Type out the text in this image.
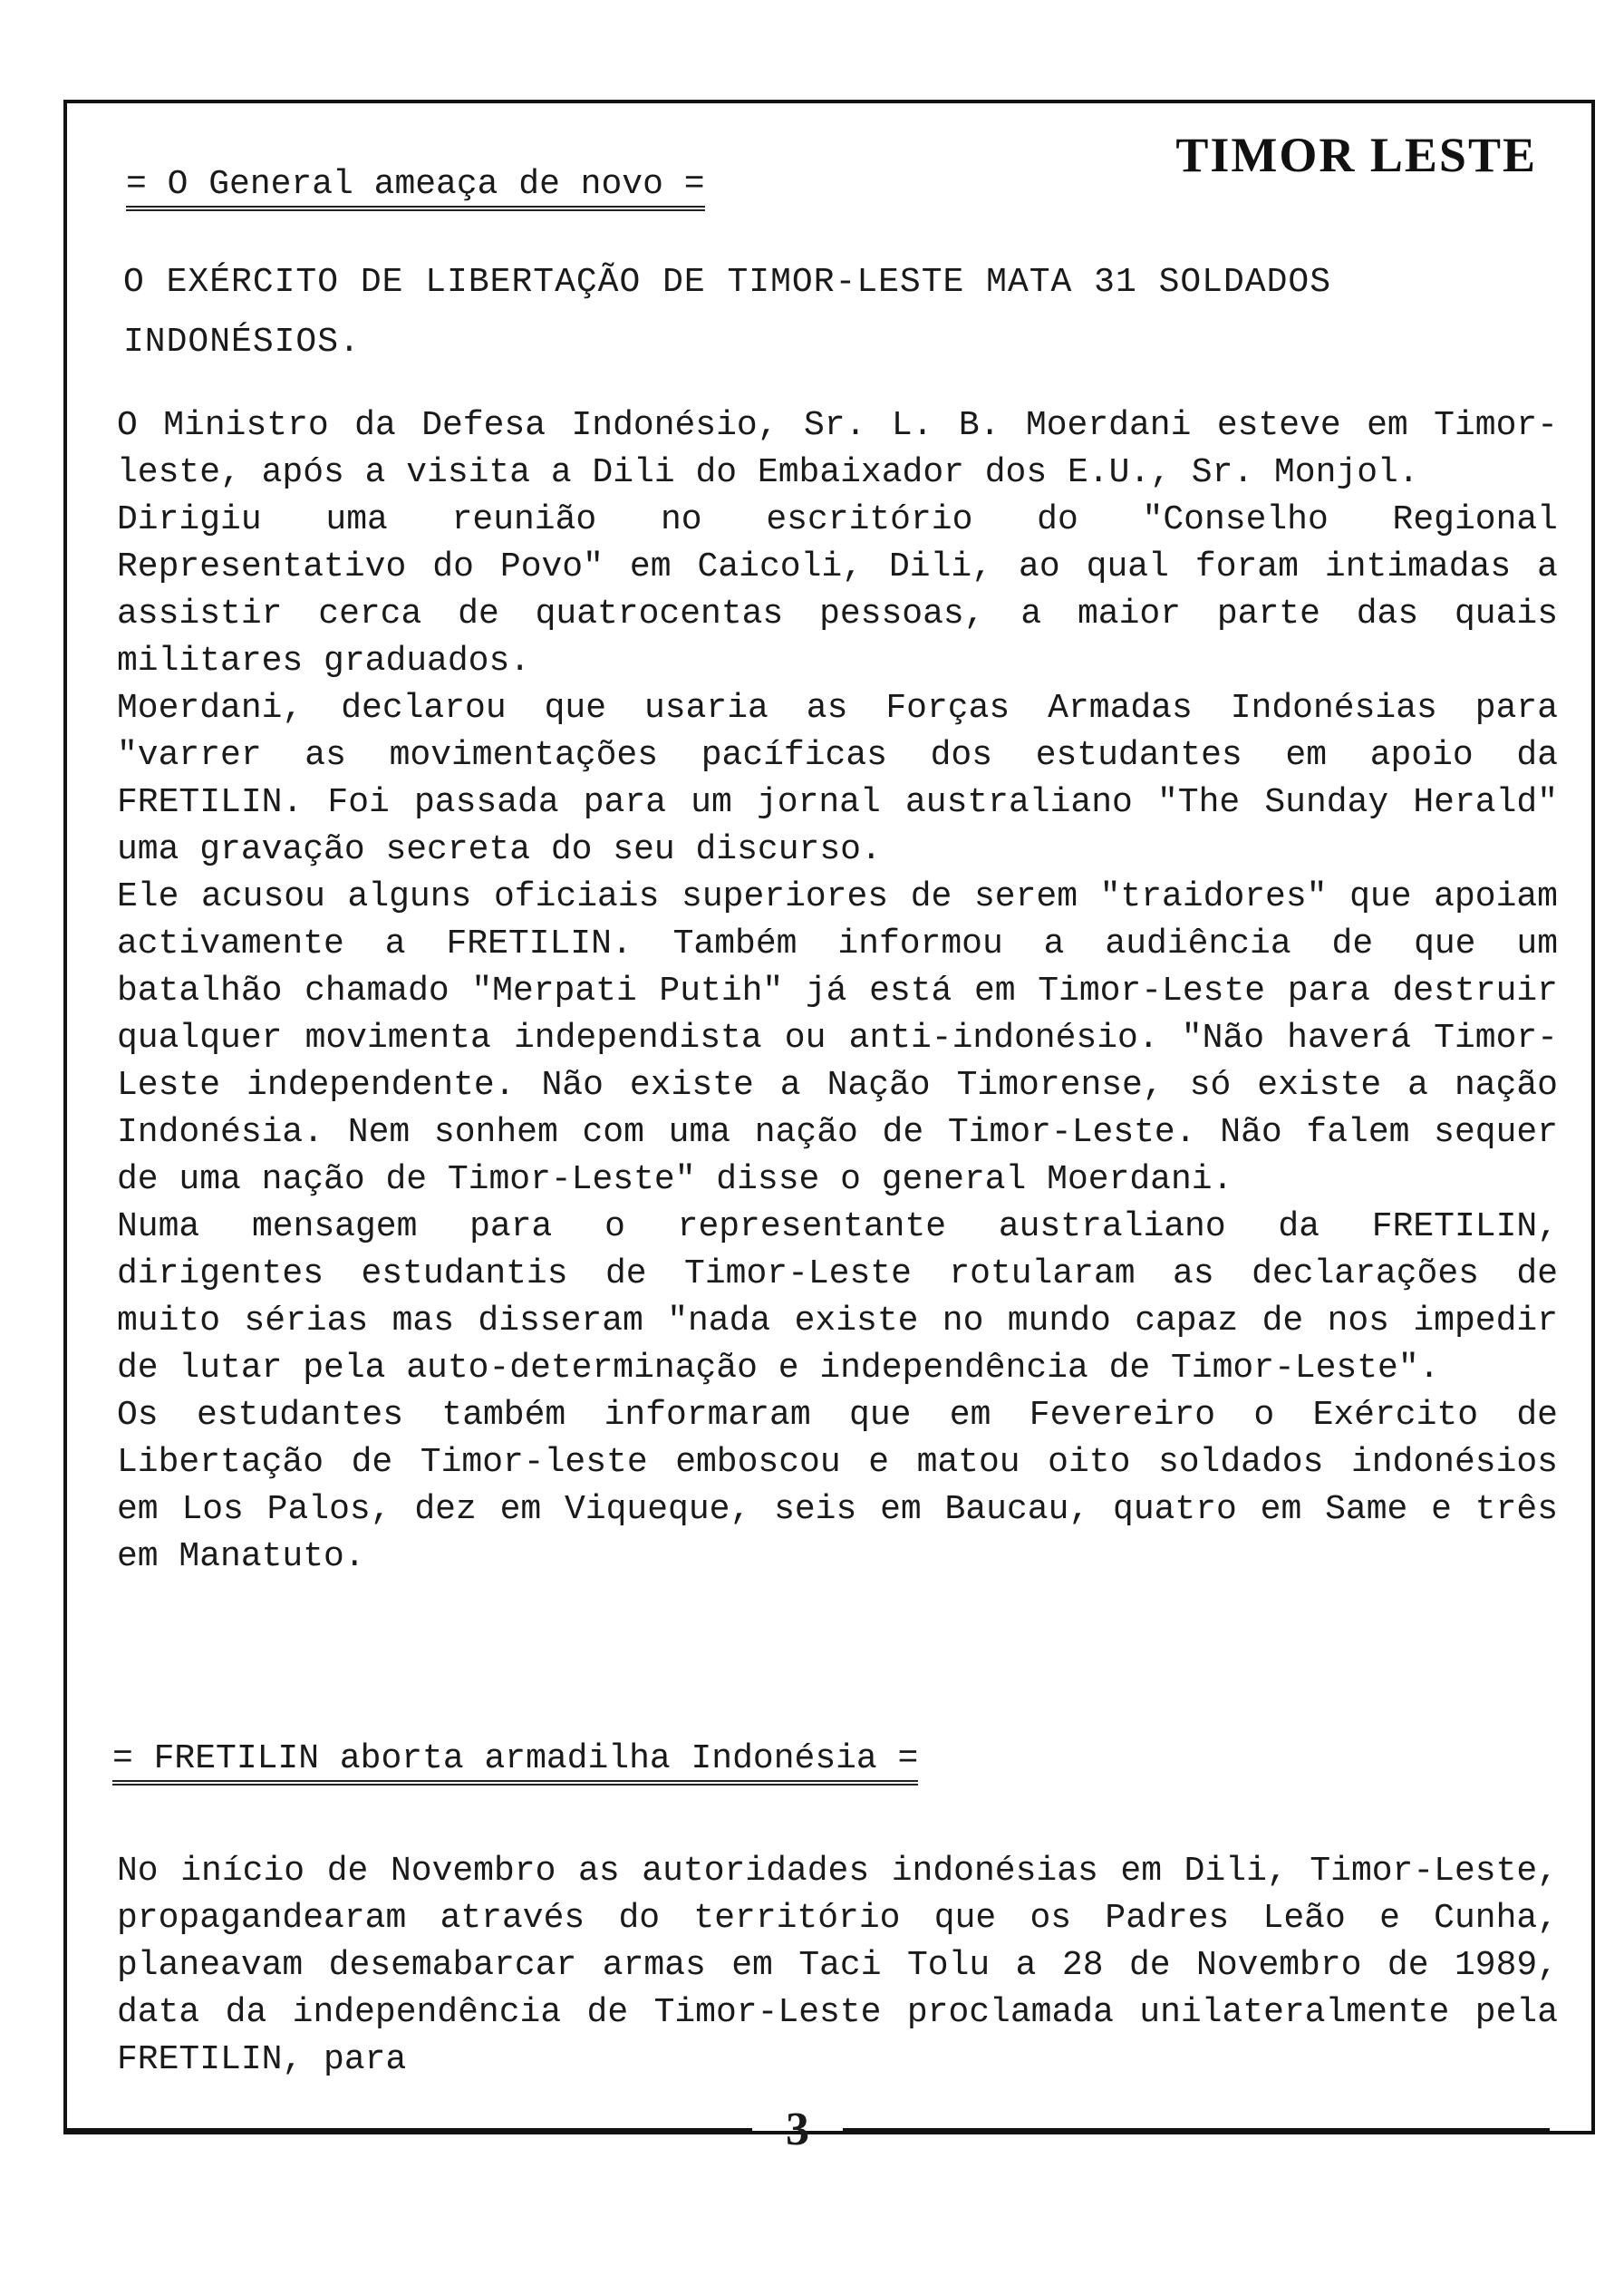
TIMOR LESTE
= O General ameaça de novo =
O EXÉRCITO DE LIBERTAÇÃO DE TIMOR-LESTE MATA 31 SOLDADOS INDONÉSIOS.

O Ministro da Defesa Indonésio, Sr. L. B. Moerdani esteve em Timor-leste, após a visita a Dili do Embaixador dos E.U., Sr. Monjol.

Dirigiu uma reunião no escritório do "Conselho Regional Representativo do Povo" em Caicoli, Dili, ao qual foram intimadas a assistir cerca de quatrocentas pessoas, a maior parte das quais militares graduados.

Moerdani, declarou que usaria as Forças Armadas Indonésias para "varrer as movimentações pacíficas dos estudantes em apoio da FRETILIN. Foi passada para um jornal australiano "The Sunday Herald" uma gravação secreta do seu discurso.

Ele acusou alguns oficiais superiores de serem "traidores" que apoiam activamente a FRETILIN. Também informou a audiência de que um batalhão chamado "Merpati Putih" já está em Timor-Leste para destruir qualquer movimenta independista ou anti-indonésio. "Não haverá Timor-Leste independente. Não existe a Nação Timorense, só existe a nação Indonésia. Nem sonhem com uma nação de Timor-Leste. Não falem sequer de uma nação de Timor-Leste" disse o general Moerdani.

Numa mensagem para o representante australiano da FRETILIN, dirigentes estudantis de Timor-Leste rotularam as declarações de muito sérias mas disseram "nada existe no mundo capaz de nos impedir de lutar pela auto-determinação e independência de Timor-Leste".

Os estudantes também informaram que em Fevereiro o Exército de Libertação de Timor-leste emboscou e matou oito soldados indonésios em Los Palos, dez em Viqueque, seis em Baucau, quatro em Same e três em Manatuto.

= FRETILIN aborta armadilha Indonésia =

No início de Novembro as autoridades indonésias em Dili, Timor-Leste, propagandearam através do território que os Padres Leão e Cunha, planeavam desemabarcar armas em Taci Tolu a 28 de Novembro de 1989, data da independência de Timor-Leste proclamada unilateralmente pela FRETILIN, para

3
